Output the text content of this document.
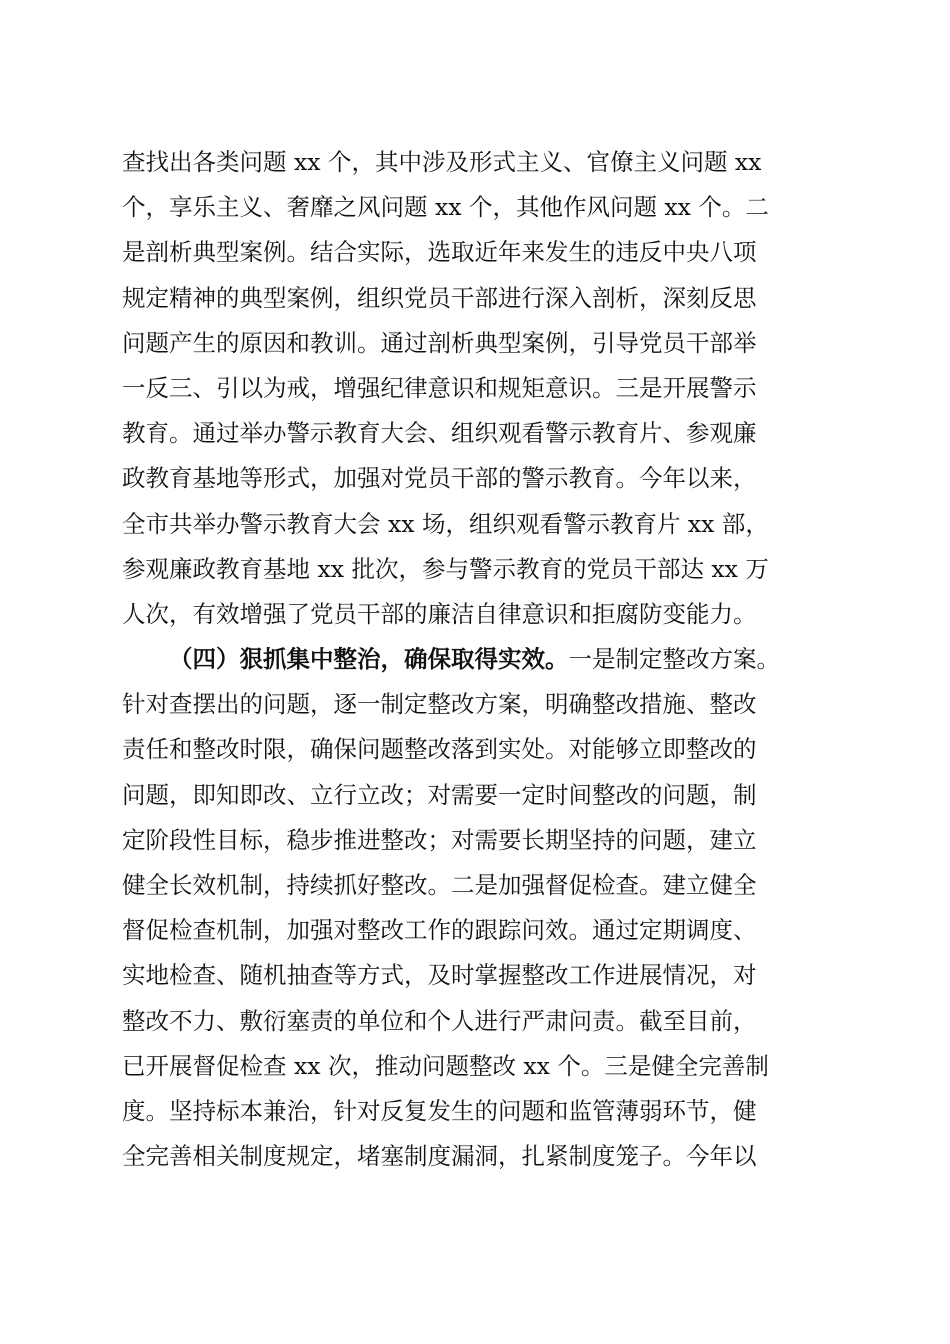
查找出各类问题 xx 个，其中涉及形式主义、官僚主义问题 xx
个，享乐主义、奢靡之风问题 xx 个，其他作风问题 xx 个。二
是剖析典型案例。结合实际，选取近年来发生的违反中央八项
规定精神的典型案例，组织党员干部进行深入剖析，深刻反思
问题产生的原因和教训。通过剖析典型案例，引导党员干部举
一反三、引以为戒，增强纪律意识和规矩意识。三是开展警示
教育。通过举办警示教育大会、组织观看警示教育片、参观廉
政教育基地等形式，加强对党员干部的警示教育。今年以来，
全市共举办警示教育大会 xx 场，组织观看警示教育片 xx 部，
参观廉政教育基地 xx 批次，参与警示教育的党员干部达 xx 万
人次，有效增强了党员干部的廉洁自律意识和拒腐防变能力。
（四）狠抓集中整治，确保取得实效。一是制定整改方案。
针对查摆出的问题，逐一制定整改方案，明确整改措施、整改
责任和整改时限，确保问题整改落到实处。对能够立即整改的
问题，即知即改、立行立改；对需要一定时间整改的问题，制
定阶段性目标，稳步推进整改；对需要长期坚持的问题，建立
健全长效机制，持续抓好整改。二是加强督促检查。建立健全
督促检查机制，加强对整改工作的跟踪问效。通过定期调度、
实地检查、随机抽查等方式，及时掌握整改工作进展情况，对
整改不力、敷衍塞责的单位和个人进行严肃问责。截至目前，
已开展督促检查 xx 次，推动问题整改 xx 个。三是健全完善制
度。坚持标本兼治，针对反复发生的问题和监管薄弱环节，健
全完善相关制度规定，堵塞制度漏洞，扎紧制度笼子。今年以
